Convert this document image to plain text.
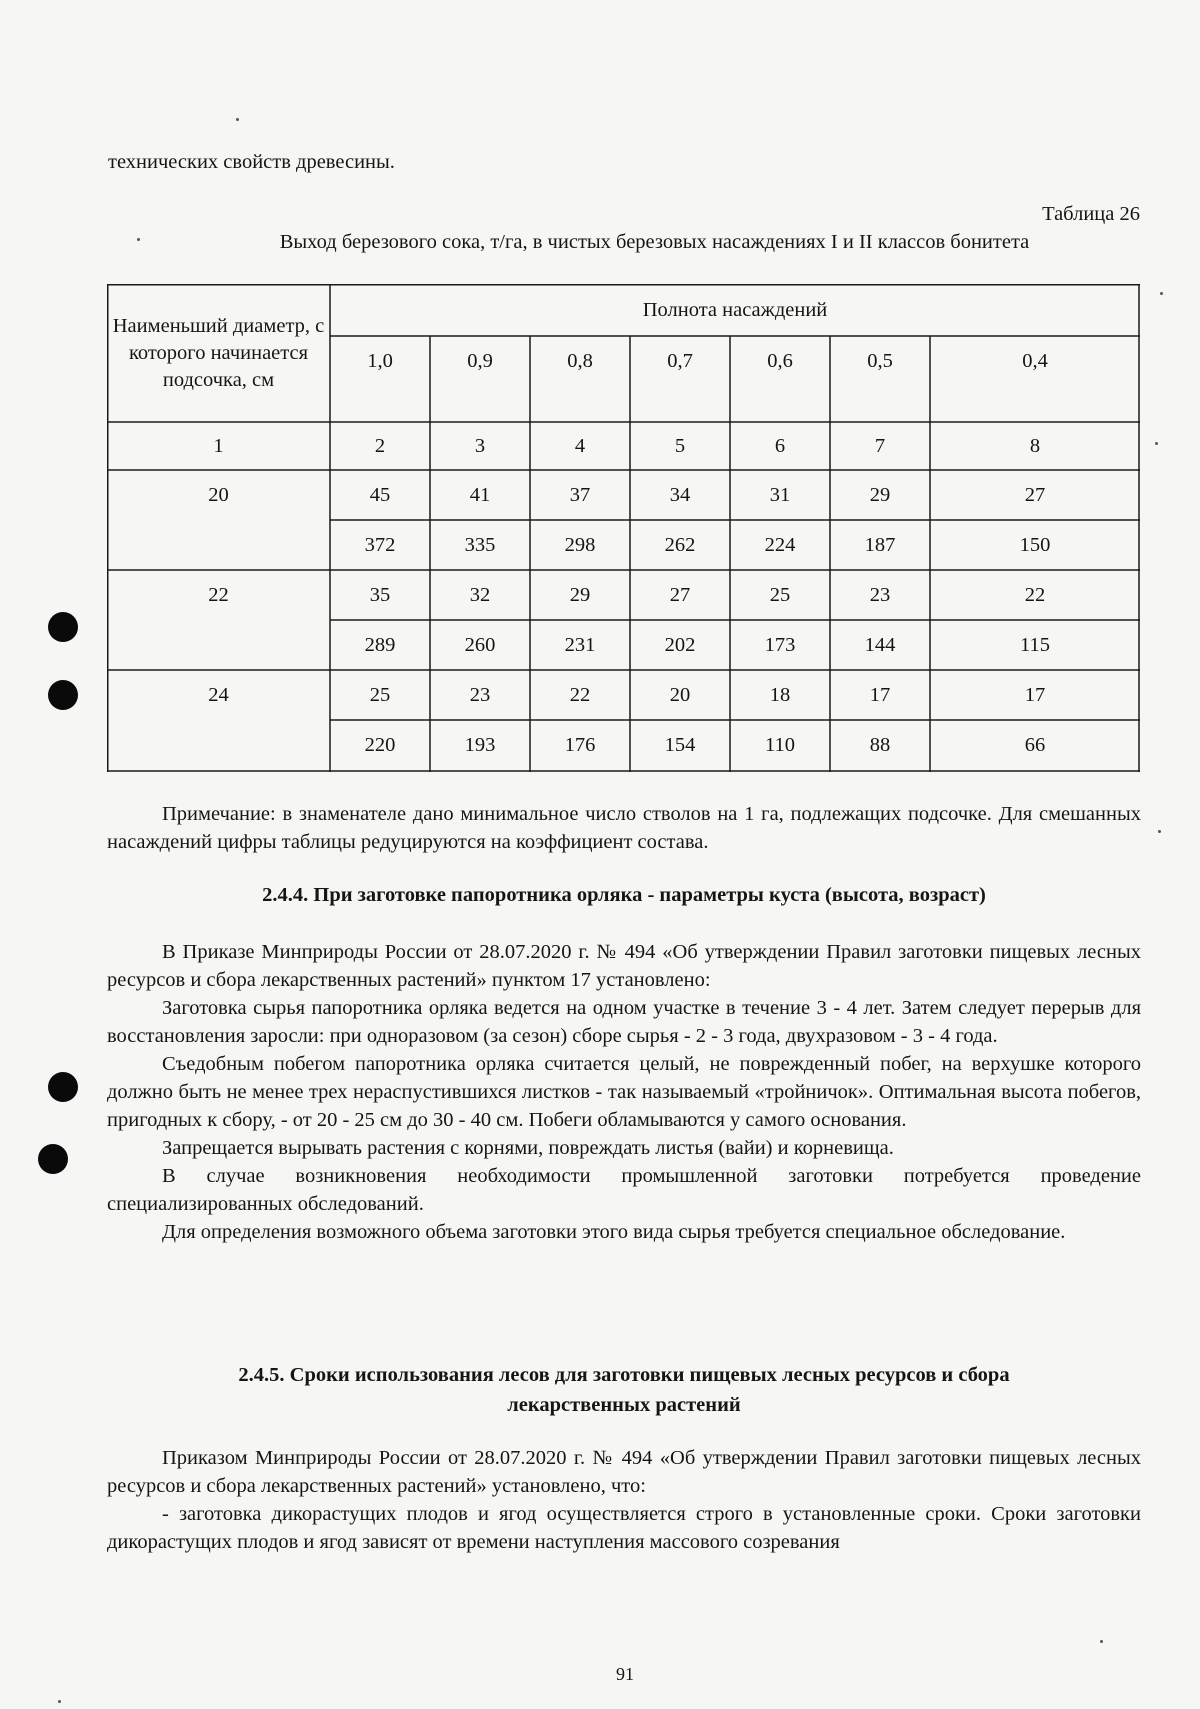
технических свойств древесины.

Таблица 26
Выход березового сока, т/га, в чистых березовых насаждениях I и II классов бонитета
Наименьший диаметр, с которого начинается подсочка, см
Полнота насаждений
1,0	0,9	0,8	0,7	0,6	0,5	0,4
1	2	3	4	5	6	7	8
20	45	41	37	34	31	29	27
372	335	298	262	224	187	150
22	35	32	29	27	25	23	22
289	260	231	202	173	144	115
24	25	23	22	20	18	17	17
220	193	176	154	110	88	66

Примечание: в знаменателе дано минимальное число стволов на 1 га, подлежащих подсочке. Для смешанных насаждений цифры таблицы редуцируются на коэффициент состава.

2.4.4. При заготовке папоротника орляка - параметры куста (высота, возраст)

В Приказе Минприроды России от 28.07.2020 г. № 494 «Об утверждении Правил заготовки пищевых лесных ресурсов и сбора лекарственных растений» пунктом 17 установлено:

Заготовка сырья папоротника орляка ведется на одном участке в течение 3 - 4 лет. Затем следует перерыв для восстановления заросли: при одноразовом (за сезон) сборе сырья - 2 - 3 года, двухразовом - 3 - 4 года.

Съедобным побегом папоротника орляка считается целый, не поврежденный побег, на верхушке которого должно быть не менее трех нераспустившихся листков - так называемый «тройничок». Оптимальная высота побегов, пригодных к сбору, - от 20 - 25 см до 30 - 40 см. Побеги обламываются у самого основания.

Запрещается вырывать растения с корнями, повреждать листья (вайи) и корневища.

В случае возникновения необходимости промышленной заготовки потребуется проведение специализированных обследований.

Для определения возможного объема заготовки этого вида сырья требуется специальное обследование.

2.4.5. Сроки использования лесов для заготовки пищевых лесных ресурсов и сбора
лекарственных растений

Приказом Минприроды России от 28.07.2020 г. № 494 «Об утверждении Правил заготовки пищевых лесных ресурсов и сбора лекарственных растений» установлено, что:

- заготовка дикорастущих плодов и ягод осуществляется строго в установленные сроки. Сроки заготовки дикорастущих плодов и ягод зависят от времени наступления массового созревания

91
